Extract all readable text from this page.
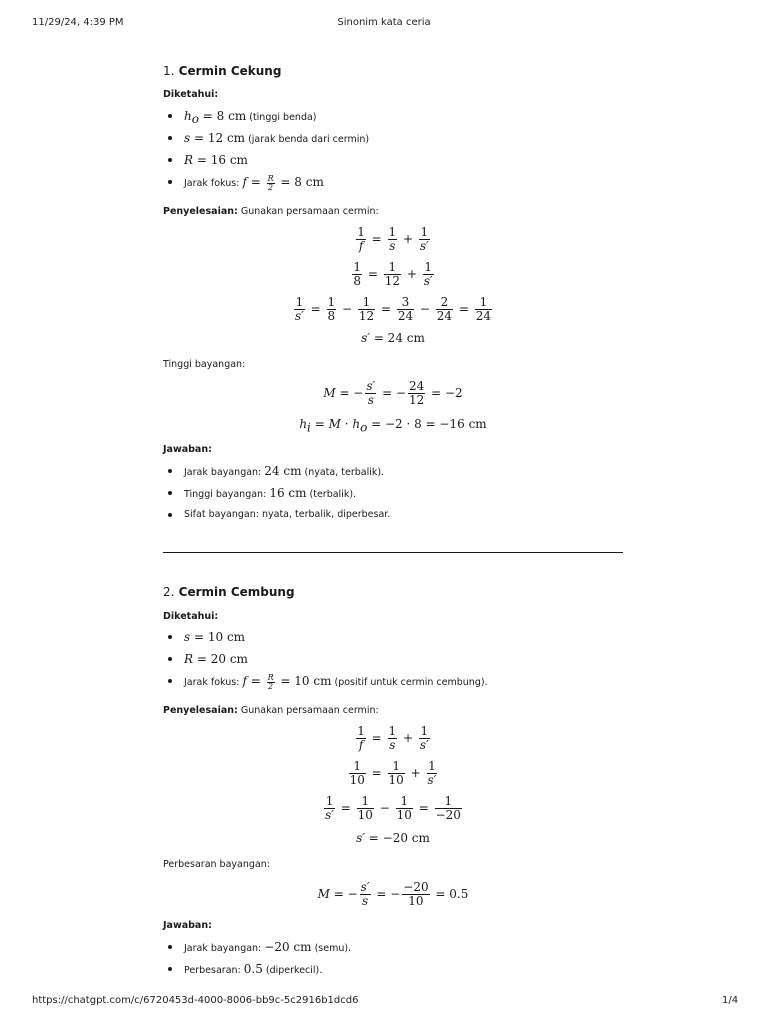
11/29/24, 4:39 PM	Sinonim kata ceria
1. Cermin Cekung
Diketahui:
$h_o = 8$ cm (tinggi benda)
s = 12 cm (jarak benda dari cermin)
R = 16 cm
Jarak fokus: $f = \frac{R}{2} = 8$ cm
Penyelesaian: Gunakan persamaan cermin:
$\frac{1}{f} = \frac{1}{s} + \frac{1}{s'}$
$\frac{1}{8} = \frac{1}{12} + \frac{1}{s'}$
$\frac{1}{s'} = \frac{1}{8} - \frac{1}{12} = \frac{3}{24} - \frac{2}{24} = \frac{1}{24}$
s′ = 24 cm
Tinggi bayangan:
M = − $\frac{s'}{s}$ = − $\frac{24}{12} = -2$
$h_i = M \cdot h_o = -2 \cdot 8 = -16$ cm
Jawaban:
Jarak bayangan: 24 cm (nyata, terbalik).
Tinggi bayangan: 16 cm (terbalik).
Sifat bayangan: nyata, terbalik, diperbesar.
2. Cermin Cembung
Diketahui:
s = 10 cm
R = 20 cm
Jarak fokus: $f = \frac{R}{2} = 10$ cm (positif untuk cermin cembung).
Penyelesaian: Gunakan persamaan cermin:
$\frac{1}{f} = \frac{1}{s} + \frac{1}{s'}$
$\frac{1}{10} = \frac{1}{10} + \frac{1}{s'}$
$\frac{1}{s'} = \frac{1}{10} - \frac{1}{10} = \frac{1}{-20}$
s′ = −20 cm
Perbesaran bayangan:
M = − $\frac{s'}{s}$ = − $\frac{-20}{10} = 0.5$
Jawaban:
Jarak bayangan: −20 cm (semu).
Perbesaran: 0.5 (diperkecil).
https://chatgpt.com/c/6720453d-4000-8006-bb9c-5c2916b1dcd6	1/4
